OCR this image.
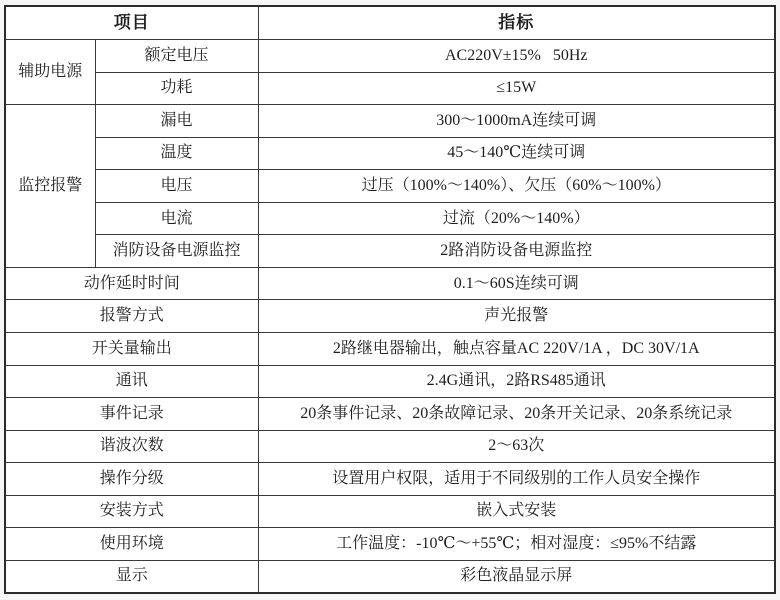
项目		指标
辅助电源	额定电压	AC220V±15%   50Hz
	功耗	≤15W
监控报警	漏电	300～1000mA连续可调
	温度	45～140℃连续可调
	电压	过压（100%～140%）、欠压（60%～100%）
	电流	过流（20%～140%）
	消防设备电源监控	2路消防设备电源监控
动作延时时间		0.1～60S连续可调
报警方式		声光报警
开关量输出		2路继电器输出，触点容量AC 220V/1A ，DC 30V/1A
通讯		2.4G通讯，2路RS485通讯
事件记录		20条事件记录、20条故障记录、20条开关记录、20条系统记录
谐波次数		2～63次
操作分级		设置用户权限，适用于不同级别的工作人员安全操作
安装方式		嵌入式安装
使用环境		工作温度：-10℃～+55℃；相对湿度：≤95%不结露
显示		彩色液晶显示屏
